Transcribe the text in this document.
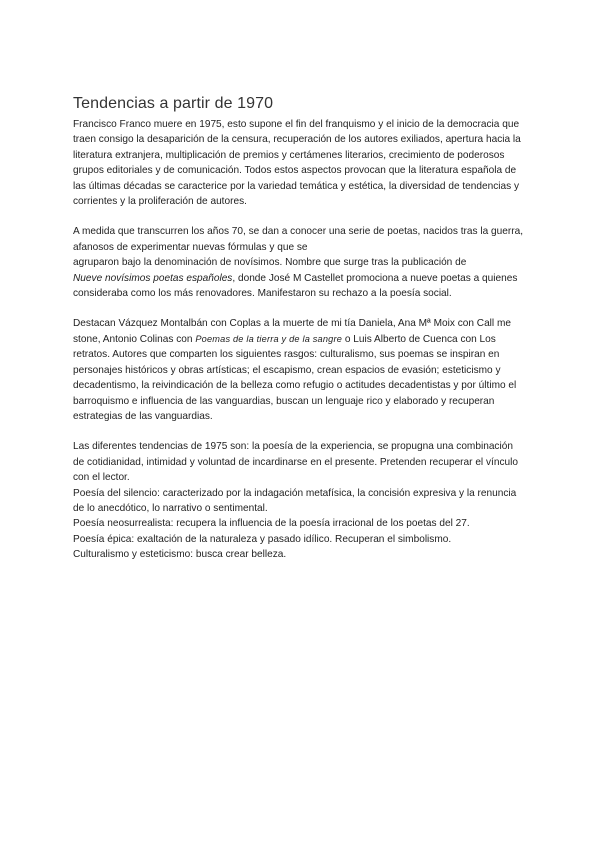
Tendencias a partir de 1970

Francisco Franco muere en 1975, esto supone el fin del franquismo y el inicio de la democracia que traen consigo la desaparición de la censura, recuperación de los autores exiliados, apertura hacia la literatura extranjera, multiplicación de premios y certámenes literarios, crecimiento de poderosos grupos editoriales y de comunicación. Todos estos aspectos provocan que la literatura española de las últimas décadas se caracterice por la variedad temática y estética, la diversidad de tendencias y corrientes y la proliferación de autores.

A medida que transcurren los años 70, se dan a conocer una serie de poetas, nacidos tras la guerra, afanosos de experimentar nuevas fórmulas y que se
agruparon bajo la denominación de novísimos. Nombre que surge tras la publicación de
Nueve novísimos poetas españoles, donde José M Castellet promociona a nueve poetas a quienes consideraba como los más renovadores. Manifestaron su rechazo a la poesía social.

Destacan Vázquez Montalbán con Coplas a la muerte de mi tía Daniela, Ana Mª Moix con Call me stone, Antonio Colinas con Poemas de la tierra y de la sangre o Luis Alberto de Cuenca con Los retratos. Autores que comparten los siguientes rasgos: culturalismo, sus poemas se inspiran en personajes históricos y obras artísticas; el escapismo, crean espacios de evasión; esteticismo y decadentismo, la reivindicación de la belleza como refugio o actitudes decadentistas y por último el barroquismo e influencia de las vanguardias, buscan un lenguaje rico y elaborado y recuperan estrategias de las vanguardias.

Las diferentes tendencias de 1975 son: la poesía de la experiencia, se propugna una combinación de cotidianidad, intimidad y voluntad de incardinarse en el presente. Pretenden recuperar el vínculo con el lector.
Poesía del silencio: caracterizado por la indagación metafísica, la concisión expresiva y la renuncia de lo anecdótico, lo narrativo o sentimental.
Poesía neosurrealista: recupera la influencia de la poesía irracional de los poetas del 27.
Poesía épica: exaltación de la naturaleza y pasado idílico. Recuperan el simbolismo.
Culturalismo y esteticismo: busca crear belleza.
